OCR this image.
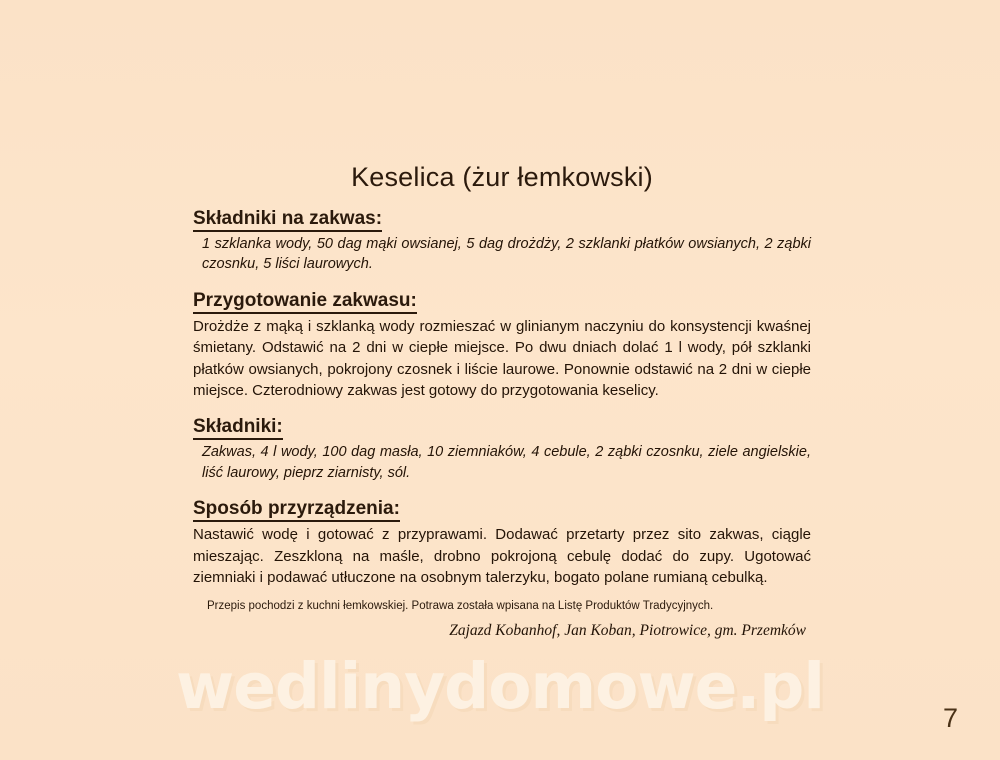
wedlinydomowe.pl
Keselica (żur łemkowski)
Składniki na zakwas:

1 szklanka wody, 50 dag mąki owsianej, 5 dag drożdży, 2 szklanki płatków owsianych, 2 ząbki czosnku, 5 liści laurowych.

Przygotowanie zakwasu:

Drożdże z mąką i szklanką wody rozmieszać w glinianym naczyniu do konsystencji kwaśnej śmietany. Odstawić na 2 dni w ciepłe miejsce. Po dwu dniach dolać 1 l wody, pół szklanki płatków owsianych, pokrojony czosnek i liście laurowe. Ponownie odstawić na 2 dni w ciepłe miejsce. Czterodniowy zakwas jest gotowy do przygotowania keselicy.

Składniki:

Zakwas, 4 l wody, 100 dag masła, 10 ziemniaków, 4 cebule, 2 ząbki czosnku, ziele angielskie, liść laurowy, pieprz ziarnisty, sól.

Sposób przyrządzenia:

Nastawić wodę i gotować z przyprawami. Dodawać przetarty przez sito zakwas, ciągle mieszając. Zeszkloną na maśle, drobno pokrojoną cebulę dodać do zupy. Ugotować ziemniaki i podawać utłuczone na osobnym talerzyku, bogato polane rumianą cebulką.

Przepis pochodzi z kuchni łemkowskiej. Potrawa została wpisana na Listę Produktów Tradycyjnych.

Zajazd Kobanhof, Jan Koban, Piotrowice, gm. Przemków

7
